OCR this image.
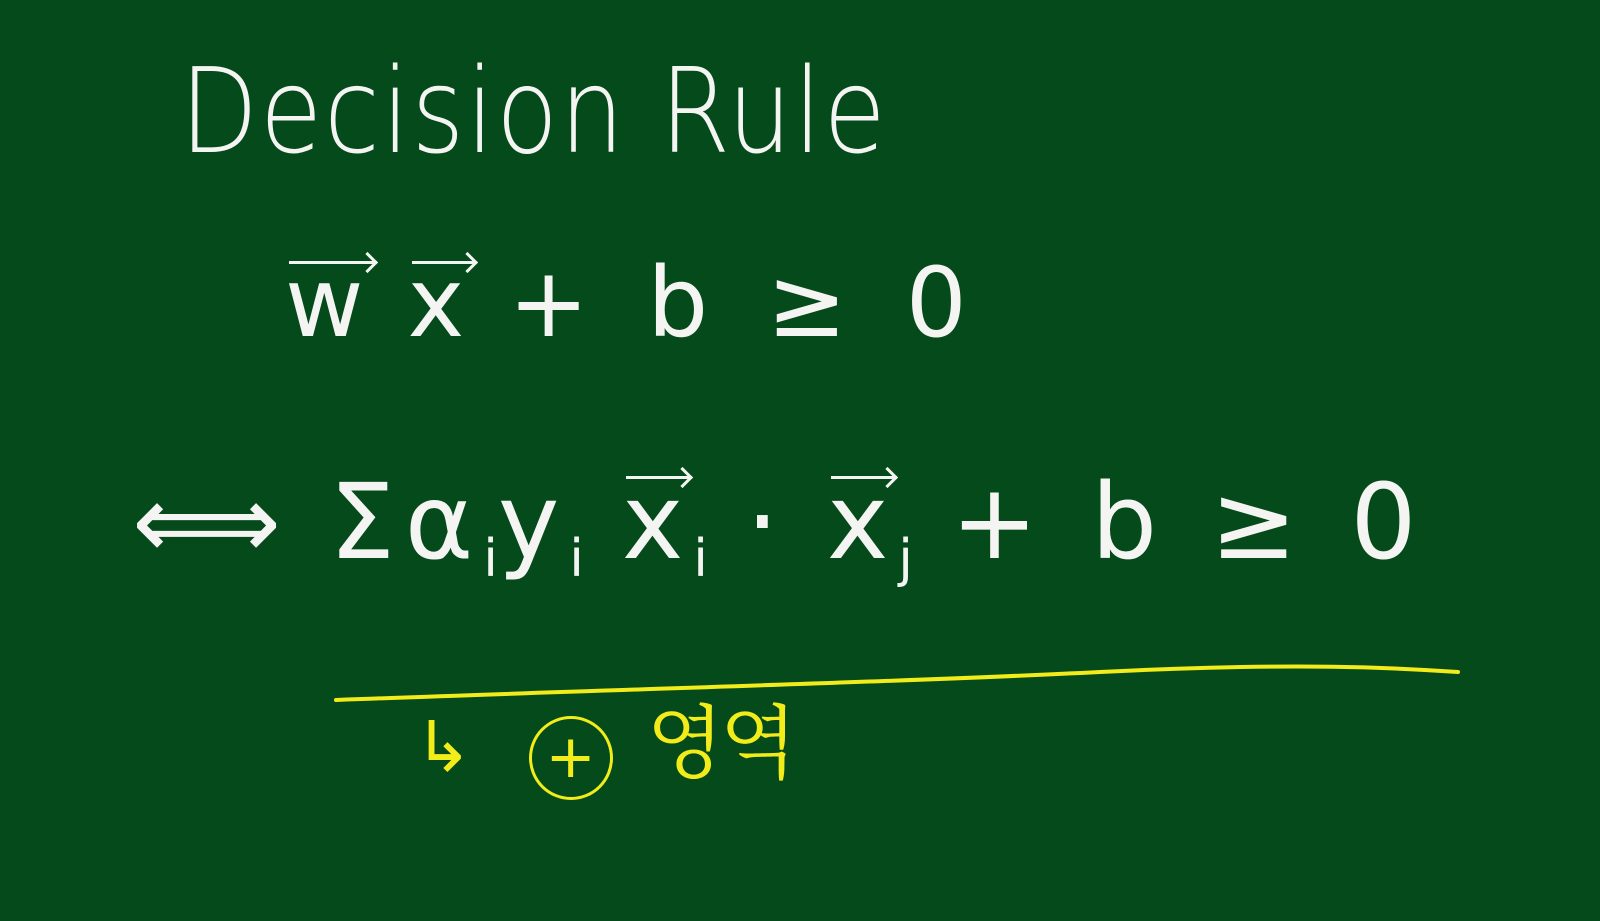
Decision Rule
w x + b ≥ 0
⟺ $\Sigma\alpha_iy_i$ $x_i \cdot x_j + b \ge 0$
↳ + 영역
